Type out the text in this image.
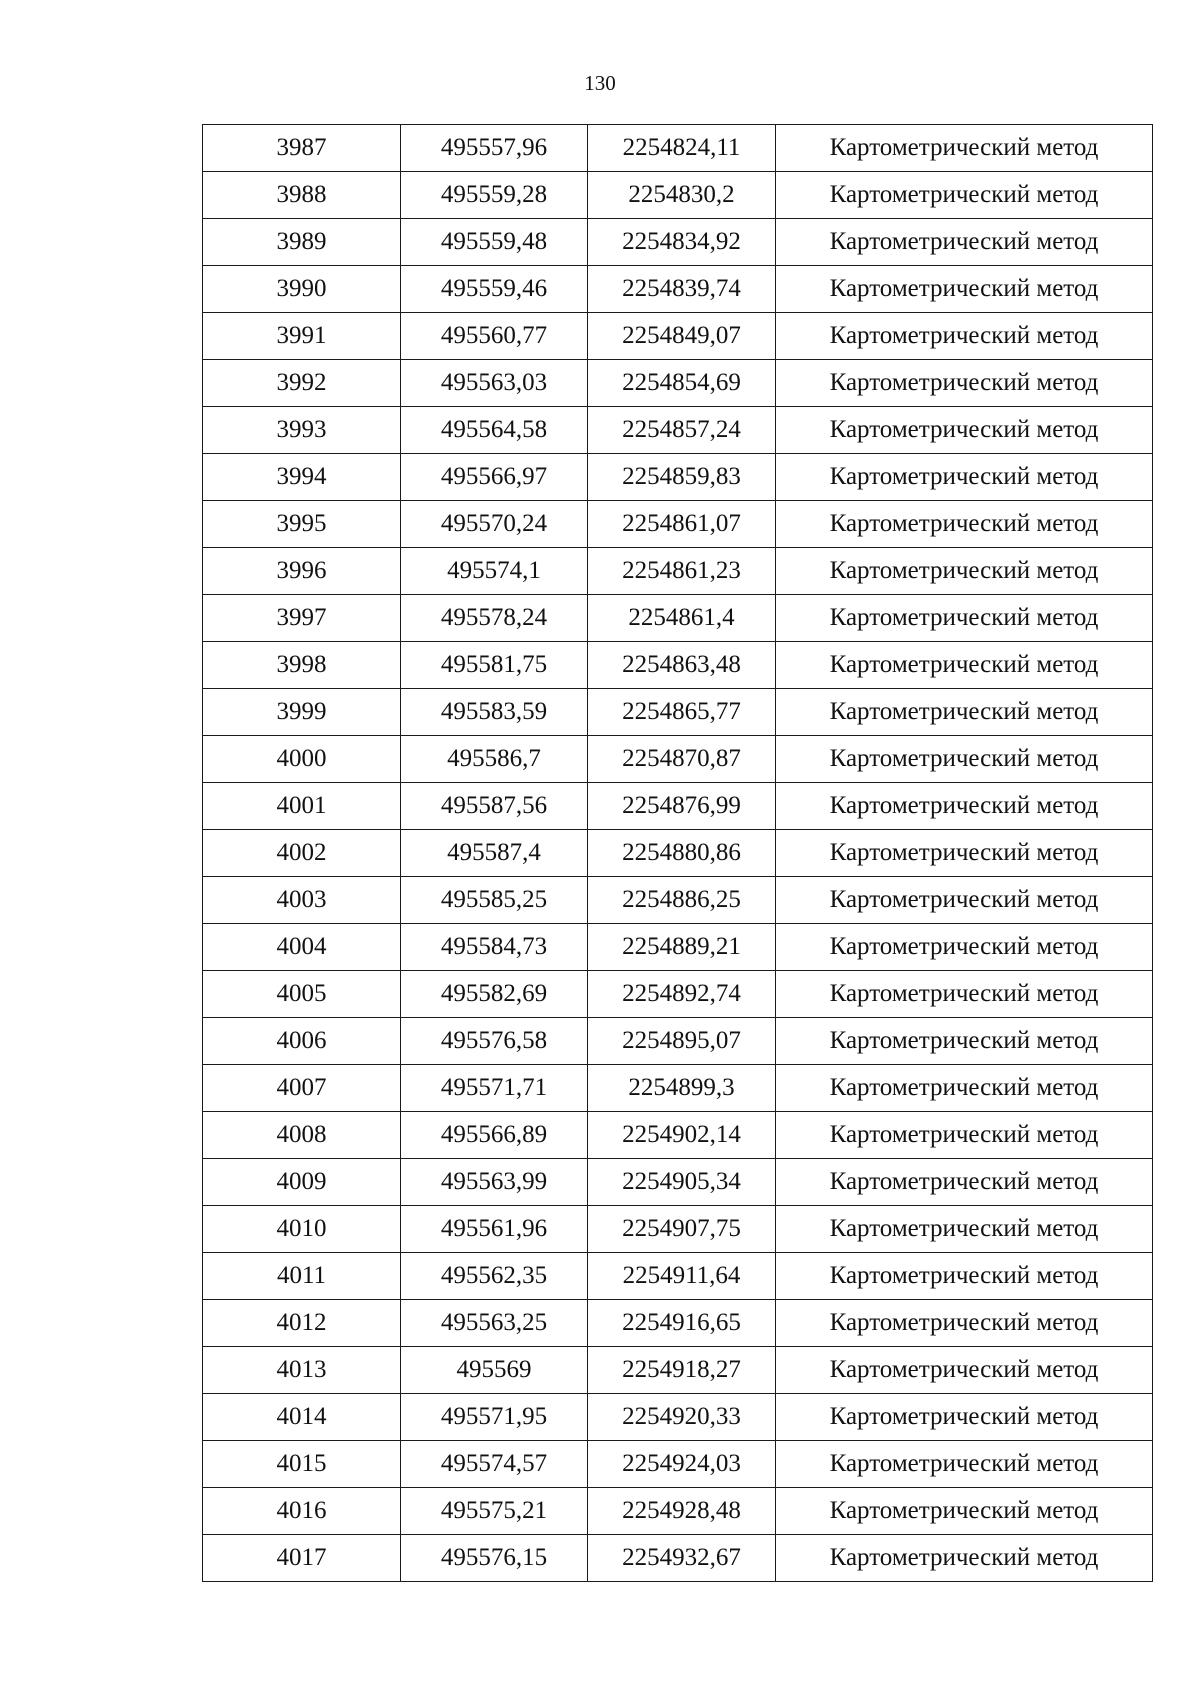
130
3987	495557,96	2254824,11	Картометрический метод
3988	495559,28	2254830,2	Картометрический метод
3989	495559,48	2254834,92	Картометрический метод
3990	495559,46	2254839,74	Картометрический метод
3991	495560,77	2254849,07	Картометрический метод
3992	495563,03	2254854,69	Картометрический метод
3993	495564,58	2254857,24	Картометрический метод
3994	495566,97	2254859,83	Картометрический метод
3995	495570,24	2254861,07	Картометрический метод
3996	495574,1	2254861,23	Картометрический метод
3997	495578,24	2254861,4	Картометрический метод
3998	495581,75	2254863,48	Картометрический метод
3999	495583,59	2254865,77	Картометрический метод
4000	495586,7	2254870,87	Картометрический метод
4001	495587,56	2254876,99	Картометрический метод
4002	495587,4	2254880,86	Картометрический метод
4003	495585,25	2254886,25	Картометрический метод
4004	495584,73	2254889,21	Картометрический метод
4005	495582,69	2254892,74	Картометрический метод
4006	495576,58	2254895,07	Картометрический метод
4007	495571,71	2254899,3	Картометрический метод
4008	495566,89	2254902,14	Картометрический метод
4009	495563,99	2254905,34	Картометрический метод
4010	495561,96	2254907,75	Картометрический метод
4011	495562,35	2254911,64	Картометрический метод
4012	495563,25	2254916,65	Картометрический метод
4013	495569	2254918,27	Картометрический метод
4014	495571,95	2254920,33	Картометрический метод
4015	495574,57	2254924,03	Картометрический метод
4016	495575,21	2254928,48	Картометрический метод
4017	495576,15	2254932,67	Картометрический метод
